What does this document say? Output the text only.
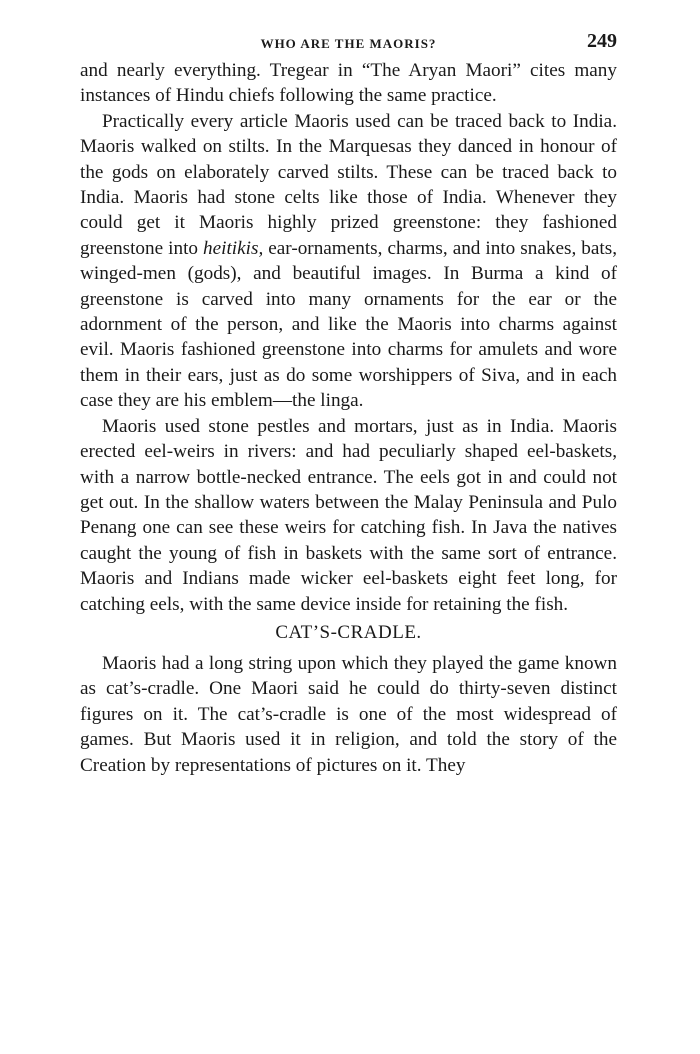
WHO ARE THE MAORIS?	249

and nearly everything. Tregear in “The Aryan Maori” cites many instances of Hindu chiefs following the same practice.

Practically every article Maoris used can be traced back to India. Maoris walked on stilts. In the Marquesas they danced in honour of the gods on elaborately carved stilts. These can be traced back to India. Maoris had stone celts like those of India. Whenever they could get it Maoris highly prized greenstone: they fashioned greenstone into heitikis, ear-ornaments, charms, and into snakes, bats, winged-men (gods), and beautiful images. In Burma a kind of greenstone is carved into many ornaments for the ear or the adornment of the person, and like the Maoris into charms against evil. Maoris fashioned greenstone into charms for amulets and wore them in their ears, just as do some worshippers of Siva, and in each case they are his emblem—the linga.

Maoris used stone pestles and mortars, just as in India. Maoris erected eel-weirs in rivers: and had peculiarly shaped eel-baskets, with a narrow bottle-necked entrance. The eels got in and could not get out. In the shallow waters between the Malay Peninsula and Pulo Penang one can see these weirs for catching fish. In Java the natives caught the young of fish in baskets with the same sort of entrance. Maoris and Indians made wicker eel-baskets eight feet long, for catching eels, with the same device inside for retaining the fish.

CAT’S-CRADLE.

Maoris had a long string upon which they played the game known as cat’s-cradle. One Maori said he could do thirty-seven distinct figures on it. The cat’s-cradle is one of the most widespread of games. But Maoris used it in religion, and told the story of the Creation by representations of pictures on it. They
